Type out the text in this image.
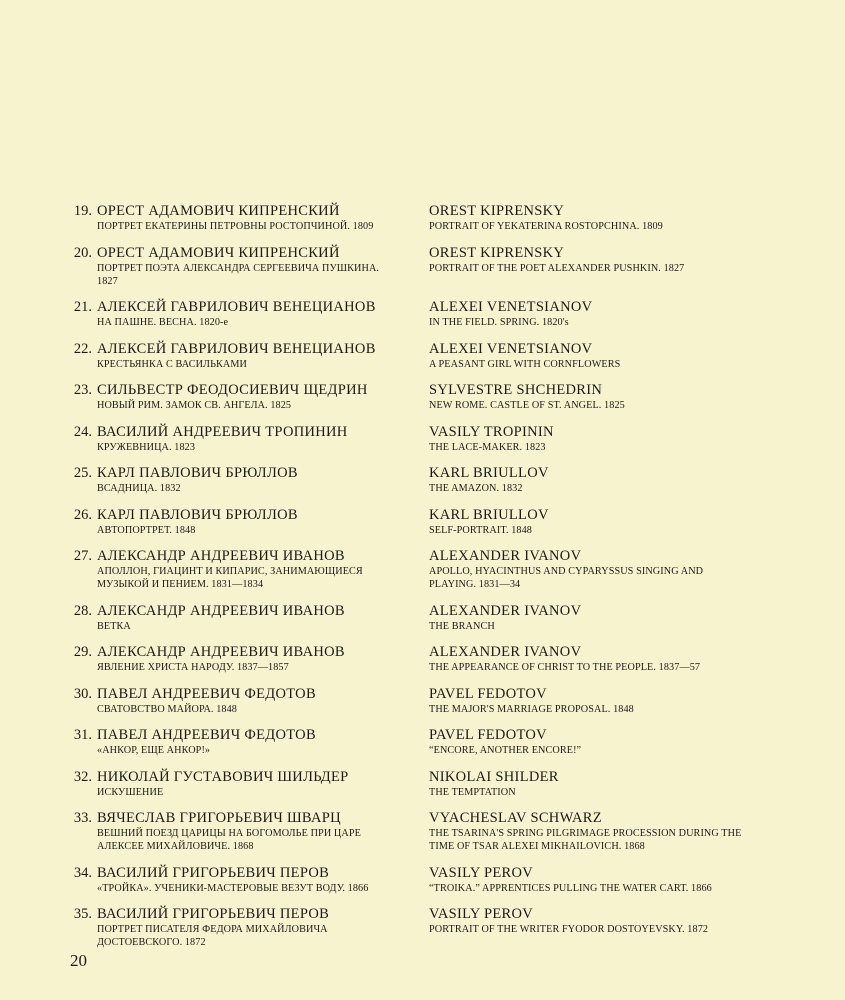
19. ОРЕСТ АДАМОВИЧ КИПРЕНСКИЙ
ПОРТРЕТ ЕКАТЕРИНЫ ПЕТРОВНЫ РОСТОПЧИНОЙ. 1809
OREST KIPRENSKY
PORTRAIT OF YEKATERINA ROSTOPCHINA. 1809
20. ОРЕСТ АДАМОВИЧ КИПРЕНСКИЙ
ПОРТРЕТ ПОЭТА АЛЕКСАНДРА СЕРГЕЕВИЧА ПУШКИНА. 1827
OREST KIPRENSKY
PORTRAIT OF THE POET ALEXANDER PUSHKIN. 1827
21. АЛЕКСЕЙ ГАВРИЛОВИЧ ВЕНЕЦИАНОВ
НА ПАШНЕ. ВЕСНА. 1820-е
ALEXEI VENETSIANOV
IN THE FIELD. SPRING. 1820's
22. АЛЕКСЕЙ ГАВРИЛОВИЧ ВЕНЕЦИАНОВ
КРЕСТЬЯНКА С ВАСИЛЬКАМИ
ALEXEI VENETSIANOV
A PEASANT GIRL WITH CORNFLOWERS
23. СИЛЬВЕСТР ФЕОДОСИЕВИЧ ЩЕДРИН
НОВЫЙ РИМ. ЗАМОК СВ. АНГЕЛА. 1825
SYLVESTRE SHCHEDRIN
NEW ROME. CASTLE OF ST. ANGEL. 1825
24. ВАСИЛИЙ АНДРЕЕВИЧ ТРОПИНИН
КРУЖЕВНИЦА. 1823
VASILY TROPININ
THE LACE-MAKER. 1823
25. КАРЛ ПАВЛОВИЧ БРЮЛЛОВ
ВСАДНИЦА. 1832
KARL BRIULLOV
THE AMAZON. 1832
26. КАРЛ ПАВЛОВИЧ БРЮЛЛОВ
АВТОПОРТРЕТ. 1848
KARL BRIULLOV
SELF-PORTRAIT. 1848
27. АЛЕКСАНДР АНДРЕЕВИЧ ИВАНОВ
АПОЛЛОН, ГИАЦИНТ И КИПАРИС, ЗАНИМАЮЩИЕСЯ МУЗЫКОЙ И ПЕНИЕМ. 1831—1834
ALEXANDER IVANOV
APOLLO, HYACINTHUS AND CYPARYSSUS SINGING AND PLAYING. 1831—34
28. АЛЕКСАНДР АНДРЕЕВИЧ ИВАНОВ
ВЕТКА
ALEXANDER IVANOV
THE BRANCH
29. АЛЕКСАНДР АНДРЕЕВИЧ ИВАНОВ
ЯВЛЕНИЕ ХРИСТА НАРОДУ. 1837—1857
ALEXANDER IVANOV
THE APPEARANCE OF CHRIST TO THE PEOPLE. 1837—57
30. ПАВЕЛ АНДРЕЕВИЧ ФЕДОТОВ
СВАТОВСТВО МАЙОРА. 1848
PAVEL FEDOTOV
THE MAJOR'S MARRIAGE PROPOSAL. 1848
31. ПАВЕЛ АНДРЕЕВИЧ ФЕДОТОВ
«АНКОР, ЕЩЕ АНКОР!»
PAVEL FEDOTOV
“ENCORE, ANOTHER ENCORE!”
32. НИКОЛАЙ ГУСТАВОВИЧ ШИЛЬДЕР
ИСКУШЕНИЕ
NIKOLAI SHILDER
THE TEMPTATION
33. ВЯЧЕСЛАВ ГРИГОРЬЕВИЧ ШВАРЦ
ВЕШНИЙ ПОЕЗД ЦАРИЦЫ НА БОГОМОЛЬЕ ПРИ ЦАРЕ АЛЕКСЕЕ МИХАЙЛОВИЧЕ. 1868
VYACHESLAV SCHWARZ
THE TSARINA'S SPRING PILGRIMAGE PROCESSION DURING THE TIME OF TSAR ALEXEI MIKHAILOVICH. 1868
34. ВАСИЛИЙ ГРИГОРЬЕВИЧ ПЕРОВ
«ТРОЙКА». УЧЕНИКИ-МАСТЕРОВЫЕ ВЕЗУТ ВОДУ. 1866
VASILY PEROV
“TROIKA.” APPRENTICES PULLING THE WATER CART. 1866
35. ВАСИЛИЙ ГРИГОРЬЕВИЧ ПЕРОВ
ПОРТРЕТ ПИСАТЕЛЯ ФЕДОРА МИХАЙЛОВИЧА ДОСТОЕВСКОГО. 1872
VASILY PEROV
PORTRAIT OF THE WRITER FYODOR DOSTOYEVSKY. 1872
20
